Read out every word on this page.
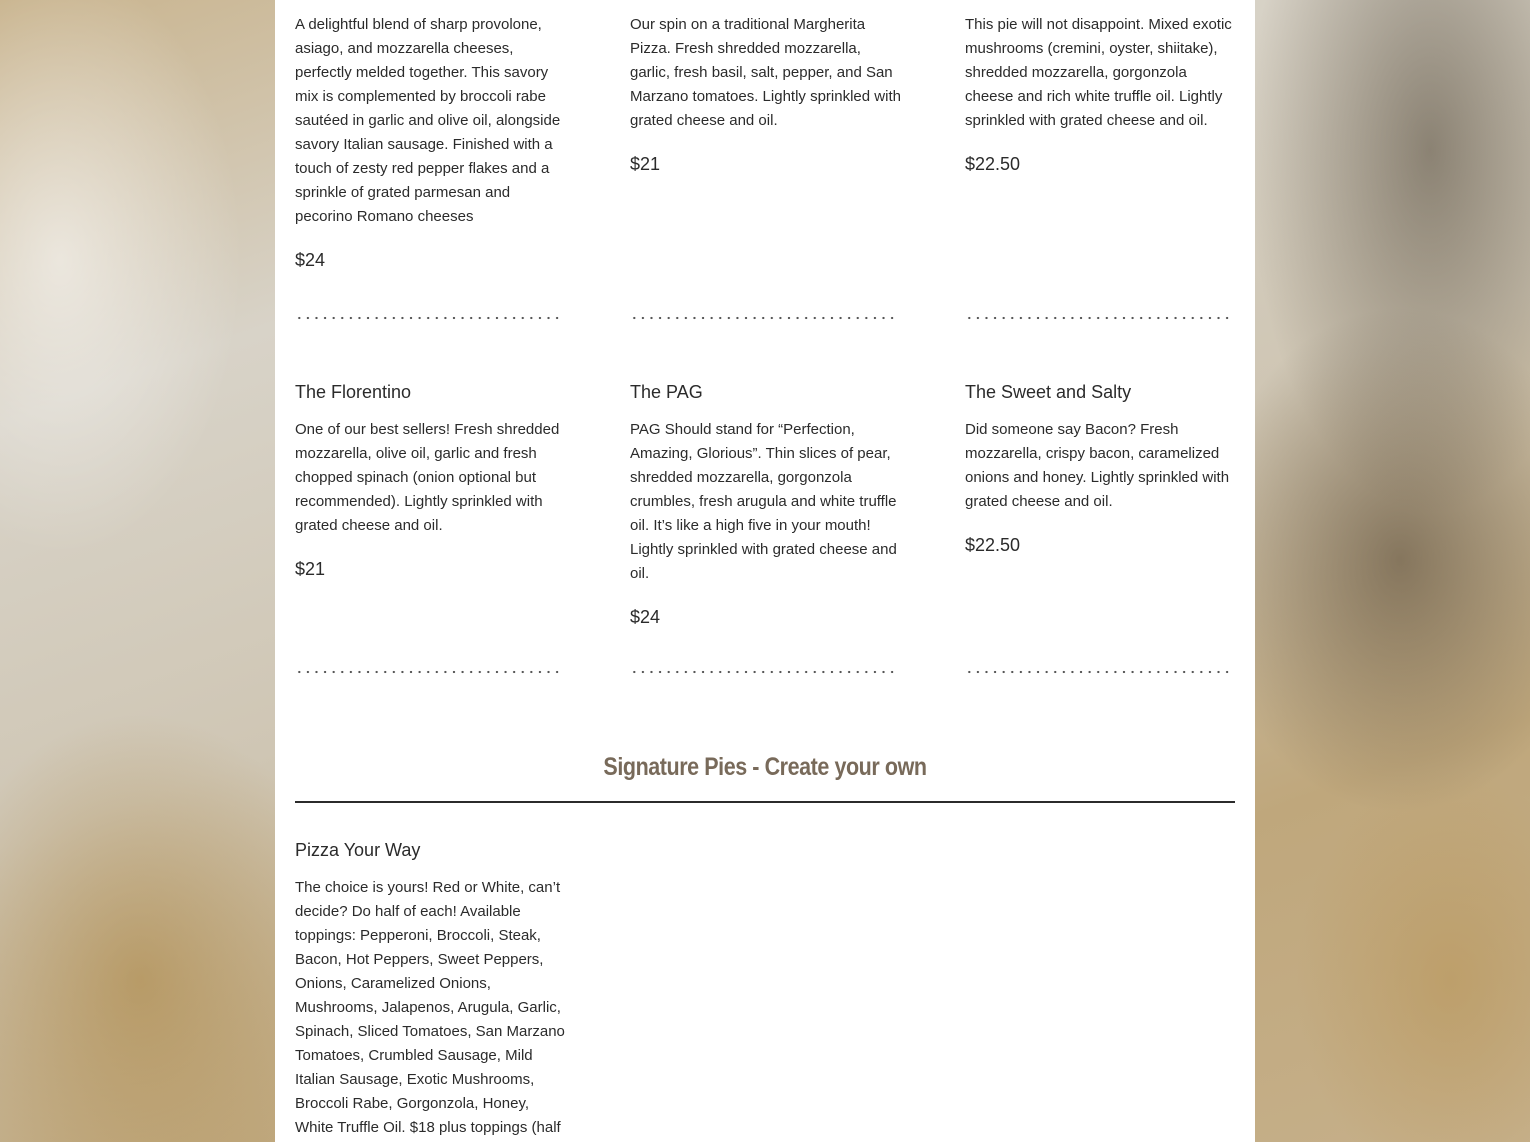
A delightful blend of sharp provolone, asiago, and mozzarella cheeses, perfectly melded together. This savory mix is complemented by broccoli rabe sautéed in garlic and olive oil, alongside savory Italian sausage. Finished with a touch of zesty red pepper flakes and a sprinkle of grated parmesan and pecorino Romano cheeses

$24

Our spin on a traditional Margherita Pizza. Fresh shredded mozzarella, garlic, fresh basil, salt, pepper, and San Marzano tomatoes. Lightly sprinkled with grated cheese and oil.

$21

This pie will not disappoint. Mixed exotic mushrooms (cremini, oyster, shiitake), shredded mozzarella, gorgonzola cheese and rich white truffle oil. Lightly sprinkled with grated cheese and oil.

$22.50
The Florentino

One of our best sellers! Fresh shredded mozzarella, olive oil, garlic and fresh chopped spinach (onion optional but recommended). Lightly sprinkled with grated cheese and oil.

$21
The PAG

PAG Should stand for “Perfection, Amazing, Glorious”. Thin slices of pear, shredded mozzarella, gorgonzola crumbles, fresh arugula and white truffle oil. It’s like a high five in your mouth! Lightly sprinkled with grated cheese and oil.

$24
The Sweet and Salty

Did someone say Bacon? Fresh mozzarella, crispy bacon, caramelized onions and honey. Lightly sprinkled with grated cheese and oil.

$22.50
Signature Pies - Create your own
Pizza Your Way

The choice is yours! Red or White, can’t decide? Do half of each! Available toppings: Pepperoni, Broccoli, Steak, Bacon, Hot Peppers, Sweet Peppers, Onions, Caramelized Onions, Mushrooms, Jalapenos, Arugula, Garlic, Spinach, Sliced Tomatoes, San Marzano Tomatoes, Crumbled Sausage, Mild Italian Sausage, Exotic Mushrooms, Broccoli Rabe, Gorgonzola, Honey, White Truffle Oil. $18 plus toppings (half
